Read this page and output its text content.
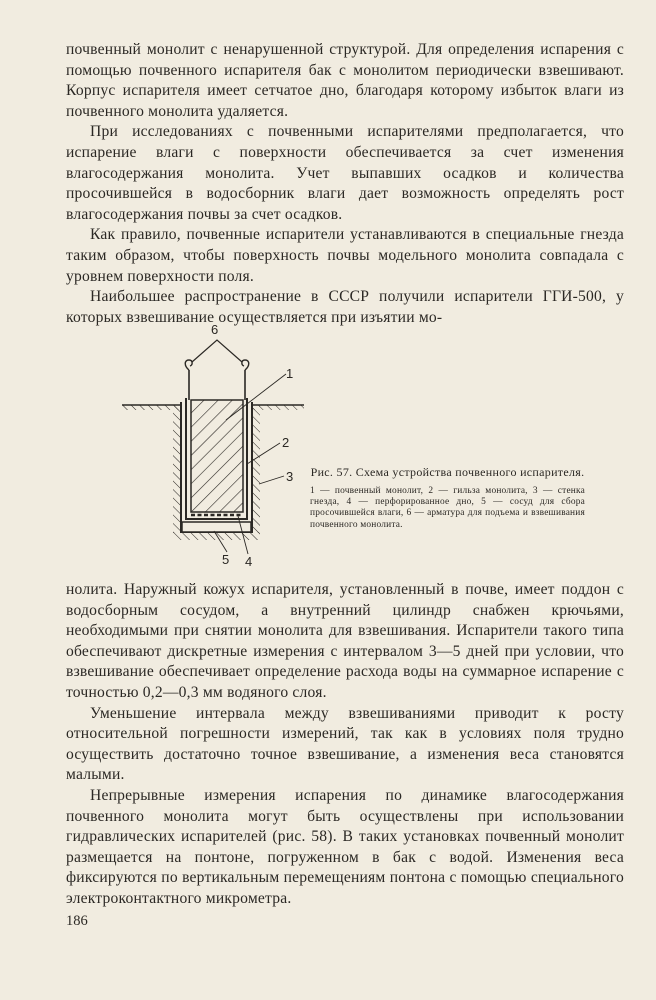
почвенный монолит с ненарушенной структурой. Для определения испарения с помощью почвенного испарителя бак с монолитом периодически взвешивают. Корпус испарителя имеет сетчатое дно, благодаря которому избыток влаги из почвенного монолита удаляется.

При исследованиях с почвенными испарителями предполагается, что испарение влаги с поверхности обеспечивается за счет изменения влагосодержания монолита. Учет выпавших осадков и количества просочившейся в водосборник влаги дает возможность определять рост влагосодержания почвы за счет осадков.

Как правило, почвенные испарители устанавливаются в специальные гнезда таким образом, чтобы поверхность почвы модельного монолита совпадала с уровнем поверхности поля.

Наибольшее распространение в СССР получили испарители ГГИ-500, у которых взвешивание осуществляется при изъятии мо-

6
1
2
3
4
5
Рис. 57. Схема устройства почвенного испарителя.
1 — почвенный монолит, 2 — гильза монолита, 3 — стенка гнезда, 4 — перфорированное дно, 5 — сосуд для сбора просочившейся влаги, 6 — арматура для подъема и взвешивания почвенного монолита.

нолита. Наружный кожух испарителя, установленный в почве, имеет поддон с водосборным сосудом, а внутренний цилиндр снабжен крючьями, необходимыми при снятии монолита для взвешивания. Испарители такого типа обеспечивают дискретные измерения с интервалом 3—5 дней при условии, что взвешивание обеспечивает определение расхода воды на суммарное испарение с точностью 0,2—0,3 мм водяного слоя.

Уменьшение интервала между взвешиваниями приводит к росту относительной погрешности измерений, так как в условиях поля трудно осуществить достаточно точное взвешивание, а изменения веса становятся малыми.

Непрерывные измерения испарения по динамике влагосодержания почвенного монолита могут быть осуществлены при использовании гидравлических испарителей (рис. 58). В таких установках почвенный монолит размещается на понтоне, погруженном в бак с водой. Изменения веса фиксируются по вертикальным перемещениям понтона с помощью специального электроконтактного микрометра.

186
